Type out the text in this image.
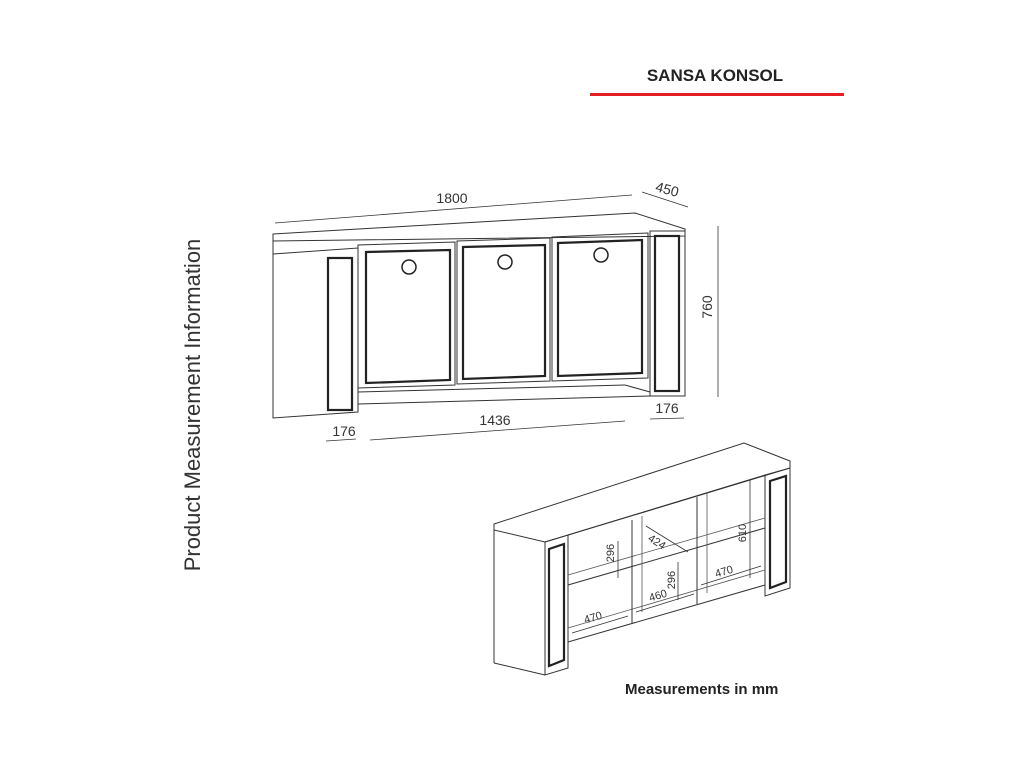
SANSA KONSOL
Product Measurement Information
1800	450
760
1436
176
176
296
470
424
460
296	470
610
Measurements in mm
